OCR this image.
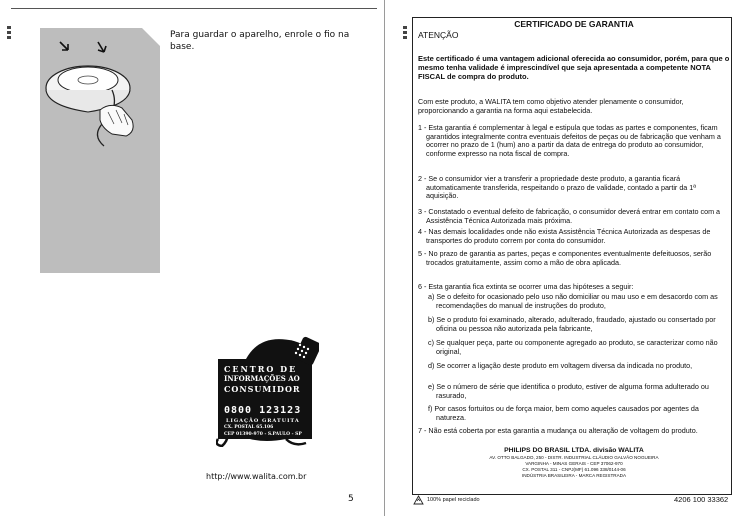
Para guardar o aparelho, enrole o fio na base.

CENTRO DE
INFORMAÇÕES AO
CONSUMIDOR
0800 123123
LIGAÇÃO GRATUITA
CX. POSTAL 65.106
CEP 01390-970 - S.PAULO - SP
http://www.walita.com.br
5
CERTIFICADO DE GARANTIA
ATENÇÃO
Este certificado é uma vantagem adicional oferecida ao consumidor, porém, para que o mesmo tenha validade é imprescindível que seja apresentada a competente NOTA FISCAL de compra do produto.
Com este produto, a WALITA tem como objetivo atender plenamente o consumidor, proporcionando a garantia na forma aqui estabelecida.
1 - Esta garantia é complementar à legal e estipula que todas as partes e componentes, ficam garantidos integralmente contra eventuais defeitos de peças ou de fabricação que venham a ocorrer no prazo de 1 (hum) ano a partir da data de entrega do produto ao consumidor, conforme expresso na nota fiscal de compra.
2 - Se o consumidor vier a transferir a propriedade deste produto, a garantia ficará automaticamente transferida, respeitando o prazo de validade, contado a partir da 1ª aquisição.
3 - Constatado o eventual defeito de fabricação, o consumidor deverá entrar em contato com a Assistência Técnica Autorizada mais próxima.
4 - Nas demais localidades onde não exista Assistência Técnica Autorizada as despesas de transportes do produto correm por conta do consumidor.
5 - No prazo de garantia as partes, peças e componentes eventualmente defeituosos, serão trocados gratuitamente, assim como a mão de obra aplicada.
6 - Esta garantia fica extinta se ocorrer uma das hipóteses a seguir:
a) Se o defeito for ocasionado pelo uso não domiciliar ou mau uso e em desacordo com as recomendações do manual de instruções do produto,
b) Se o produto foi examinado, alterado, adulterado, fraudado, ajustado ou consertado por oficina ou pessoa não autorizada pela fabricante,
c) Se qualquer peça, parte ou componente agregado ao produto, se caracterizar como não original,
d) Se ocorrer a ligação deste produto em voltagem diversa da indicada no produto,
e) Se o número de série que identifica o produto, estiver de alguma forma adulterado ou rasurado,
f) Por casos fortuitos ou de força maior, bem como aqueles causados por agentes da natureza.
7 - Não está coberta por esta garantia a mudança ou alteração de voltagem do produto.
PHILIPS DO BRASIL LTDA. divisão WALITA
AV. OTTO BALGADO, 250 - DISTR. INDUSTRIAL CLÁUDIO GALVÃO NOGUEIRA
VARGINHA - MINAS GERAIS - CEP 37062-970
CX. POSTAL 311 - CNPJ(MF) 61.096 338/0144-06
INDÚSTRIA BRASILEIRA - MARCA REGISTRADA
100% papel reciclado	4206 100 33362
